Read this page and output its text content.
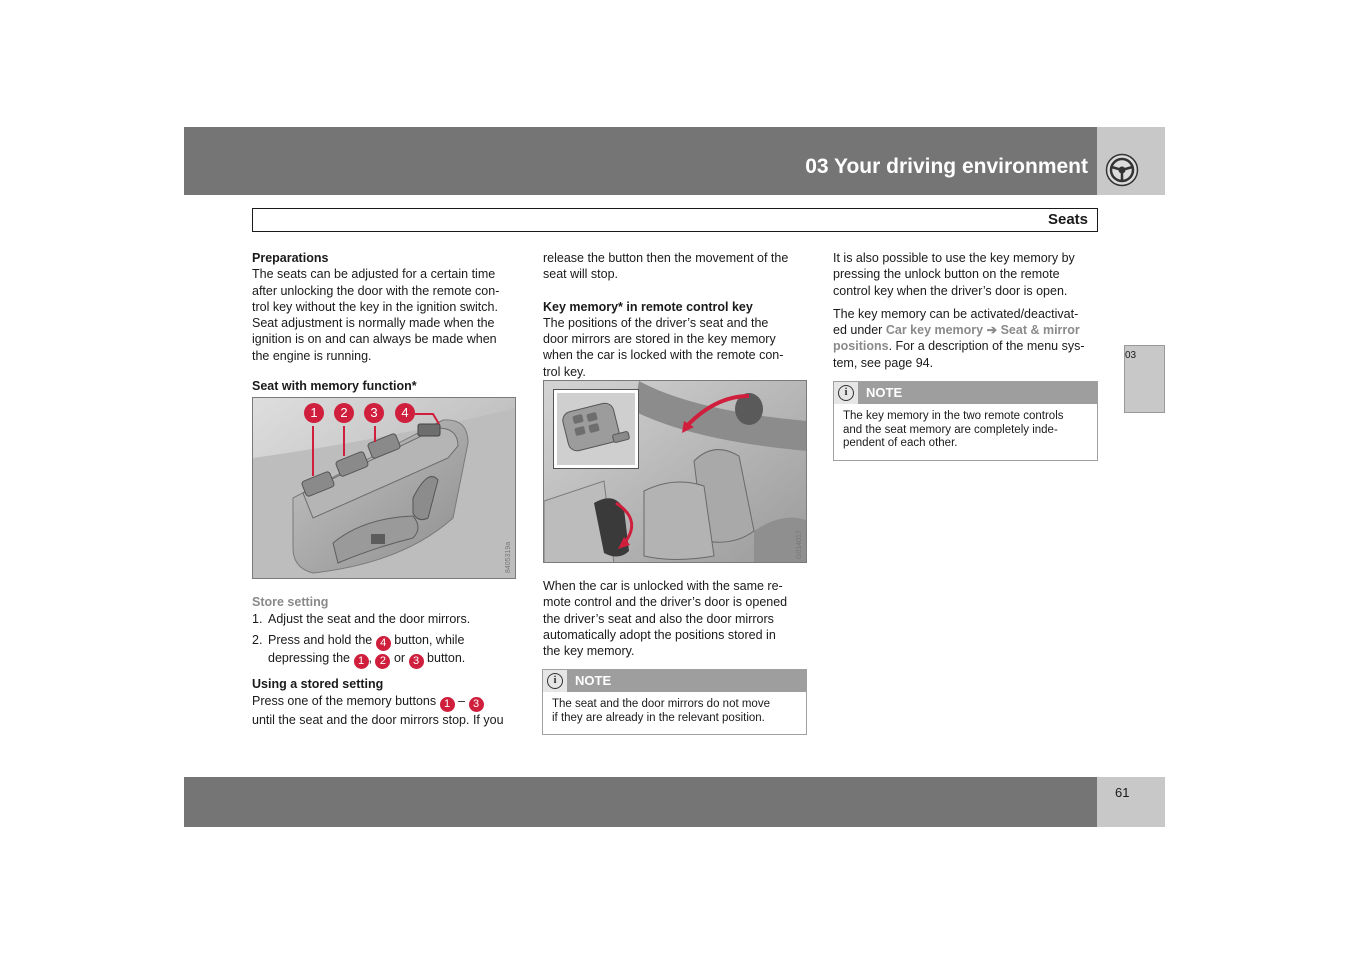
03 Your driving environment
Seats
03
Preparations

The seats can be adjusted for a certain time

after unlocking the door with the remote con-

trol key without the key in the ignition switch.

Seat adjustment is normally made when the

ignition is on and can always be made when

the engine is running.

Seat with memory function*
1	2	3	4
8405319a
Store setting
1. Adjust the seat and the door mirrors.
2. Press and hold the 4 button, while
depressing the 1 , 2 or 3 button.
Using a stored setting

Press one of the memory buttons 1 – 3

until the seat and the door mirrors stop. If you

release the button then the movement of the

seat will stop.

Key memory* in remote control key

The positions of the driver’s seat and the

door mirrors are stored in the key memory

when the car is locked with the remote con-

trol key.

G014017

When the car is unlocked with the same re-

mote control and the driver’s door is opened

the driver’s seat and also the door mirrors

automatically adopt the positions stored in

the key memory.

i	NOTE

The seat and the door mirrors do not move

if they are already in the relevant position.

It is also possible to use the key memory by

pressing the unlock button on the remote

control key when the driver’s door is open.

The key memory can be activated/deactivat-

ed under Car key memory ➔ Seat & mirror

positions. For a description of the menu sys-

tem, see page 94.

i	NOTE

The key memory in the two remote controls

and the seat memory are completely inde-

pendent of each other.

61
